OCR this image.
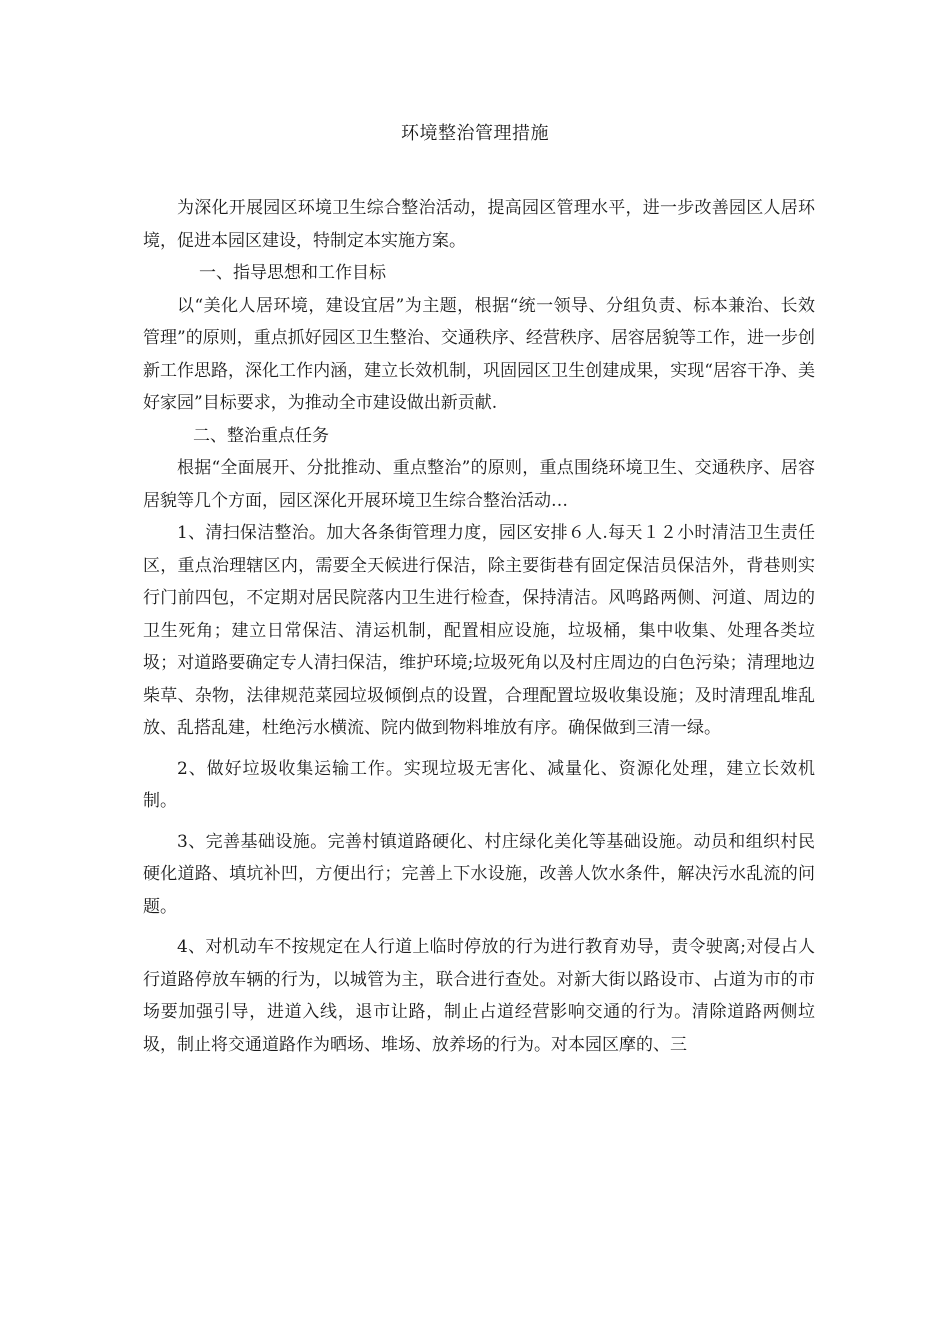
环境整治管理措施

为深化开展园区环境卫生综合整治活动，提高园区管理水平，进一步改善园区人居环境，促进本园区建设，特制定本实施方案。

一、指导思想和工作目标

以“美化人居环境，建设宜居”为主题，根据“统一领导、分组负责、标本兼治、长效管理”的原则，重点抓好园区卫生整治、交通秩序、经营秩序、居容居貌等工作，进一步创新工作思路，深化工作内涵，建立长效机制，巩固园区卫生创建成果，实现“居容干净、美好家园”目标要求，为推动全市建设做出新贡献.

二、整治重点任务

根据“全面展开、分批推动、重点整治”的原则，重点围绕环境卫生、交通秩序、居容居貌等几个方面，园区深化开展环境卫生综合整治活动…

1、清扫保洁整治。加大各条街管理力度，园区安排６人.每天１２小时清洁卫生责任区，重点治理辖区内，需要全天候进行保洁，除主要街巷有固定保洁员保洁外，背巷则实行门前四包，不定期对居民院落内卫生进行检查，保持清洁。风鸣路两侧、河道、周边的卫生死角；建立日常保洁、清运机制，配置相应设施，垃圾桶，集中收集、处理各类垃圾；对道路要确定专人清扫保洁，维护环境;垃圾死角以及村庄周边的白色污染；清理地边柴草、杂物，法律规范菜园垃圾倾倒点的设置，合理配置垃圾收集设施；及时清理乱堆乱放、乱搭乱建，杜绝污水横流、院内做到物料堆放有序。确保做到三清一绿。

2、做好垃圾收集运输工作。实现垃圾无害化、减量化、资源化处理，建立长效机制。

3、完善基础设施。完善村镇道路硬化、村庄绿化美化等基础设施。动员和组织村民硬化道路、填坑补凹，方便出行；完善上下水设施，改善人饮水条件，解决污水乱流的问题。

4、对机动车不按规定在人行道上临时停放的行为进行教育劝导，责令驶离;对侵占人行道路停放车辆的行为，以城管为主，联合进行查处。对新大街以路设市、占道为市的市场要加强引导，进道入线，退市让路，制止占道经营影响交通的行为。清除道路两侧垃圾，制止将交通道路作为晒场、堆场、放养场的行为。对本园区摩的、三
